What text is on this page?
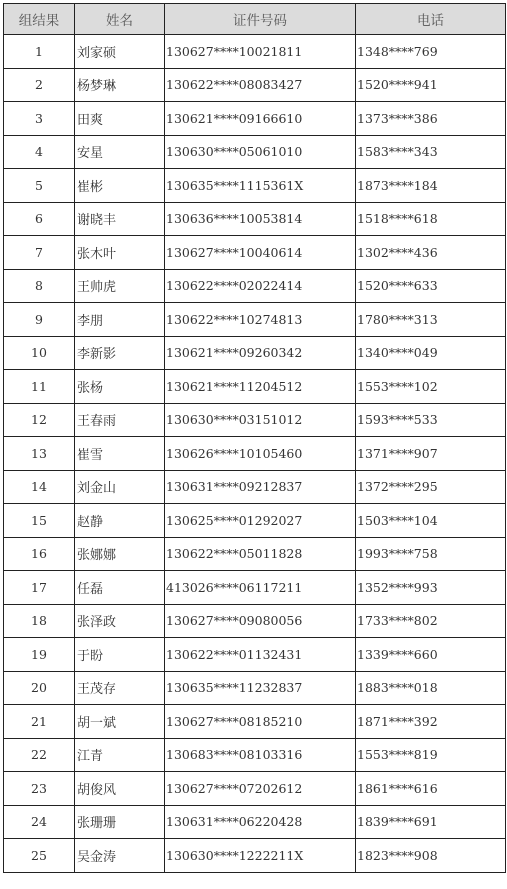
组结果	姓名	证件号码	电话
1	刘家硕	130627****10021811	1348****769
2	杨梦琳	130622****08083427	1520****941
3	田爽	130621****09166610	1373****386
4	安星	130630****05061010	1583****343
5	崔彬	130635****1115361X	1873****184
6	谢晓丰	130636****10053814	1518****618
7	张木叶	130627****10040614	1302****436
8	王帅虎	130622****02022414	1520****633
9	李朋	130622****10274813	1780****313
10	李新影	130621****09260342	1340****049
11	张杨	130621****11204512	1553****102
12	王春雨	130630****03151012	1593****533
13	崔雪	130626****10105460	1371****907
14	刘金山	130631****09212837	1372****295
15	赵静	130625****01292027	1503****104
16	张娜娜	130622****05011828	1993****758
17	任磊	413026****06117211	1352****993
18	张泽政	130627****09080056	1733****802
19	于盼	130622****01132431	1339****660
20	王茂存	130635****11232837	1883****018
21	胡一斌	130627****08185210	1871****392
22	江青	130683****08103316	1553****819
23	胡俊风	130627****07202612	1861****616
24	张珊珊	130631****06220428	1839****691
25	吴金涛	130630****1222211X	1823****908
